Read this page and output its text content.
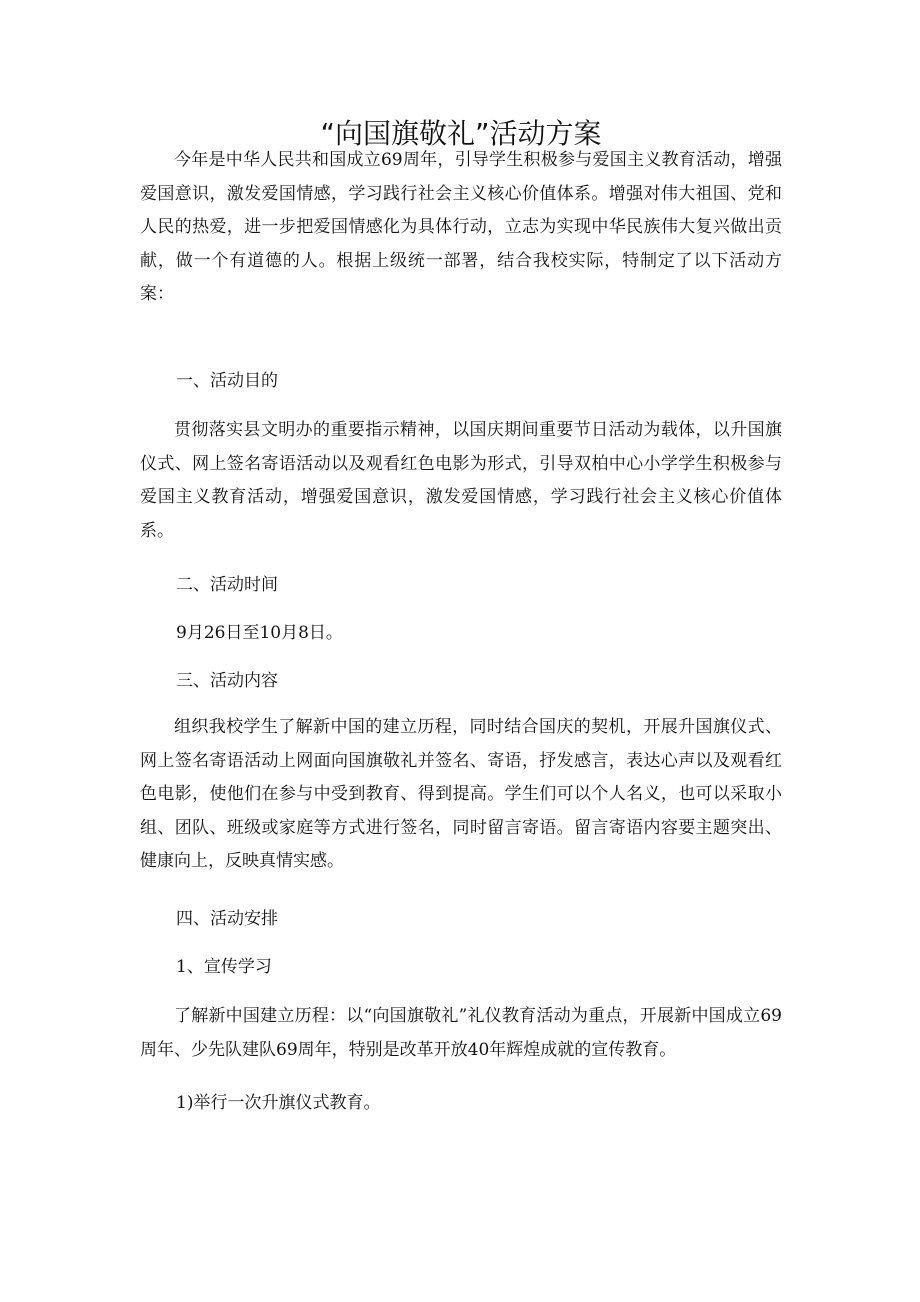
“向国旗敬礼”活动方案

今年是中华人民共和国成立69周年，引导学生积极参与爱国主义教育活动，增强爱国意识，激发爱国情感，学习践行社会主义核心价值体系。增强对伟大祖国、党和人民的热爱，进一步把爱国情感化为具体行动，立志为实现中华民族伟大复兴做出贡献，做一个有道德的人。根据上级统一部署，结合我校实际，特制定了以下活动方案：

一、活动目的

贯彻落实县文明办的重要指示精神，以国庆期间重要节日活动为载体，以升国旗仪式、网上签名寄语活动以及观看红色电影为形式，引导双柏中心小学学生积极参与爱国主义教育活动，增强爱国意识，激发爱国情感，学习践行社会主义核心价值体系。

二、活动时间

9月26日至10月8日。

三、活动内容

组织我校学生了解新中国的建立历程，同时结合国庆的契机，开展升国旗仪式、网上签名寄语活动上网面向国旗敬礼并签名、寄语，抒发感言，表达心声以及观看红色电影，使他们在参与中受到教育、得到提高。学生们可以个人名义，也可以采取小组、团队、班级或家庭等方式进行签名，同时留言寄语。留言寄语内容要主题突出、健康向上，反映真情实感。

四、活动安排

1、宣传学习

了解新中国建立历程：以“向国旗敬礼”礼仪教育活动为重点，开展新中国成立69周年、少先队建队69周年，特别是改革开放40年辉煌成就的宣传教育。

1)举行一次升旗仪式教育。
